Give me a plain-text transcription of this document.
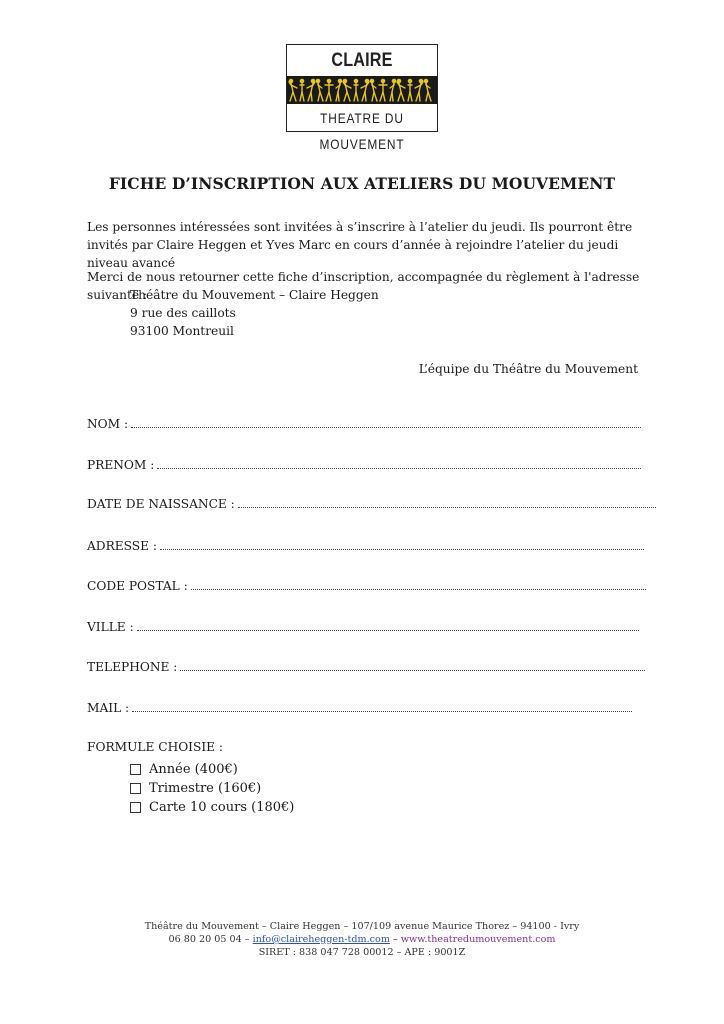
CLAIRE
THEATRE DU MOUVEMENT
FICHE D’INSCRIPTION AUX ATELIERS DU MOUVEMENT
Les personnes intéressées sont invitées à s’inscrire à l’atelier du jeudi. Ils pourront être invités par Claire Heggen et Yves Marc en cours d’année à rejoindre l’atelier du jeudi niveau avancé
Merci de nous retourner cette fiche d’inscription, accompagnée du règlement à l'adresse suivante :
Théâtre du Mouvement – Claire Heggen
9 rue des caillots
93100 Montreuil
L’équipe du Théâtre du Mouvement
NOM :
PRENOM :
DATE DE NAISSANCE :
ADRESSE :
CODE POSTAL :
VILLE :
TELEPHONE :
MAIL :
FORMULE CHOISIE :
Année (400€)
Trimestre (160€)
Carte 10 cours (180€)
Théâtre du Mouvement – Claire Heggen – 107/109 avenue Maurice Thorez – 94100 - Ivry
06 80 20 05 04 – info@claireheggen-tdm.com – www.theatredumouvement.com
SIRET : 838 047 728 00012 – APE : 9001Z
